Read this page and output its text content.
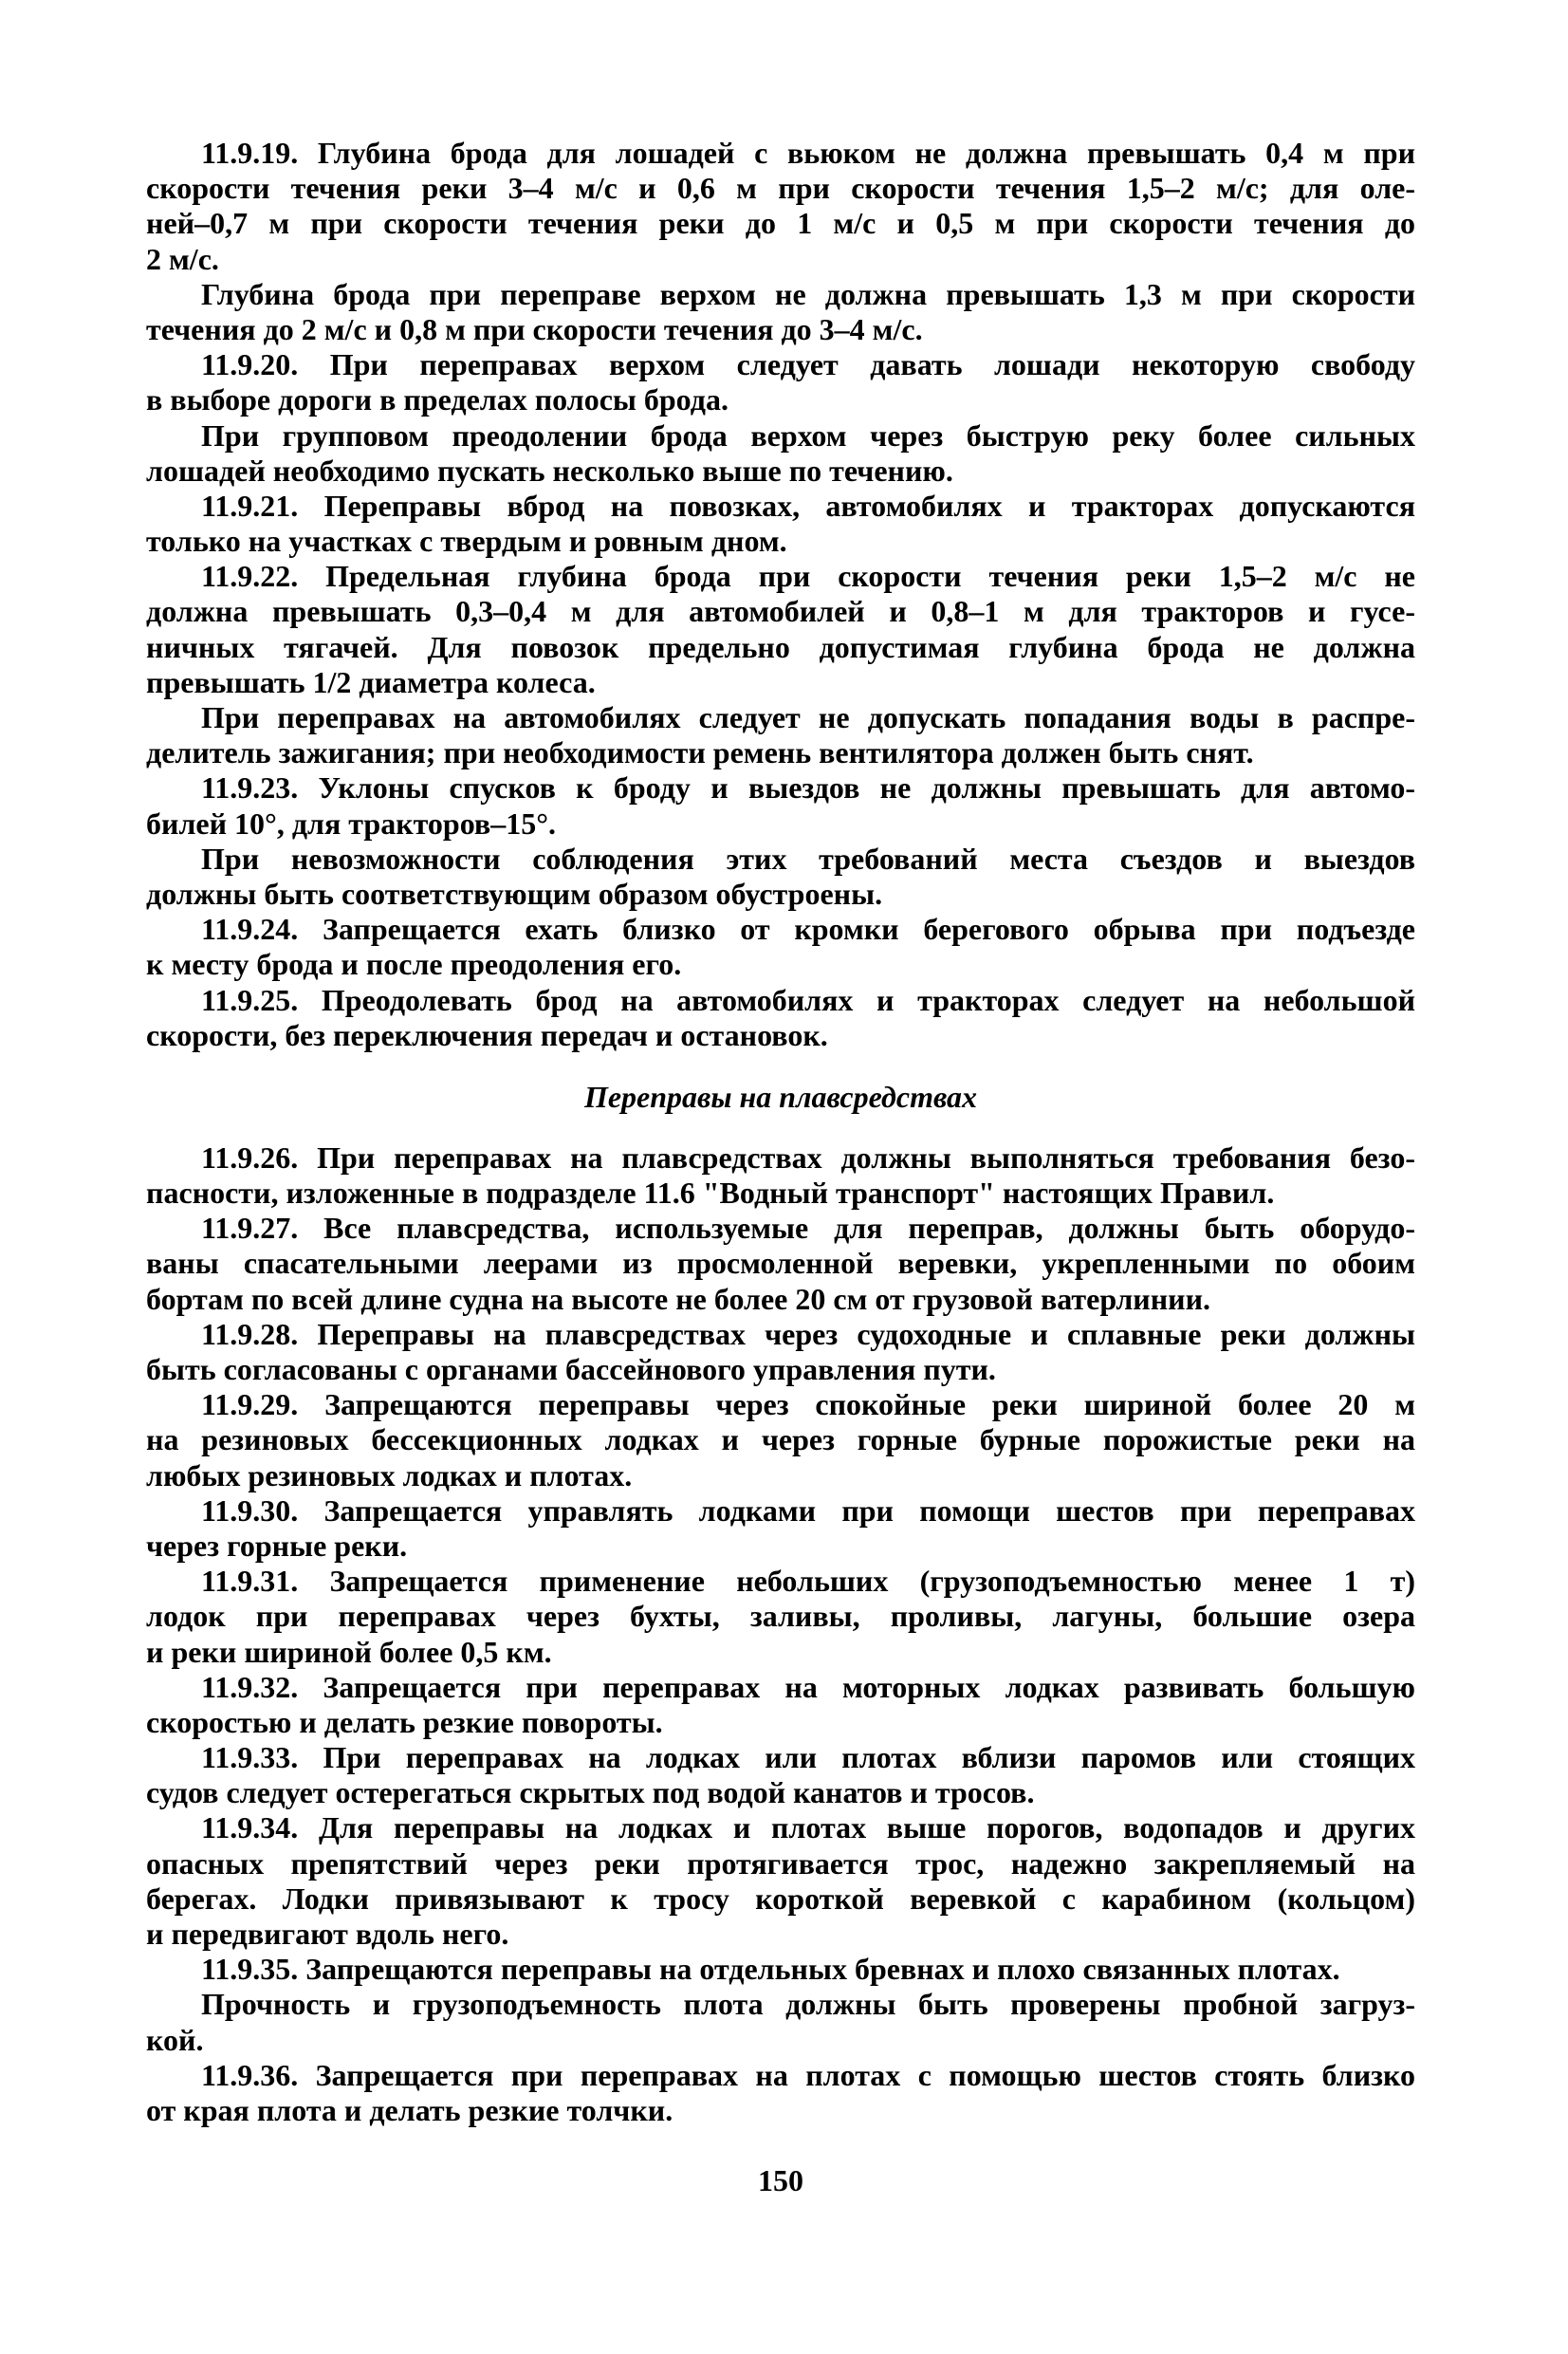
11.9.19. Глубина брода для лошадей с вьюком не должна превышать 0,4 м при
скорости течения реки 3–4 м/с и 0,6 м при скорости течения 1,5–2 м/с; для оле-
ней–0,7 м при скорости течения реки до 1 м/с и 0,5 м при скорости течения до
2 м/с.
Глубина брода при переправе верхом не должна превышать 1,3 м при скорости
течения до 2 м/с и 0,8 м при скорости течения до 3–4 м/с.
11.9.20. При переправах верхом следует давать лошади некоторую свободу
в выборе дороги в пределах полосы брода.
При групповом преодолении брода верхом через быструю реку более сильных
лошадей необходимо пускать несколько выше по течению.
11.9.21. Переправы вброд на повозках, автомобилях и тракторах допускаются
только на участках с твердым и ровным дном.
11.9.22. Предельная глубина брода при скорости течения реки 1,5–2 м/с не
должна превышать 0,3–0,4 м для автомобилей и 0,8–1 м для тракторов и гусе-
ничных тягачей. Для повозок предельно допустимая глубина брода не должна
превышать 1/2 диаметра колеса.
При переправах на автомобилях следует не допускать попадания воды в распре-
делитель зажигания; при необходимости ремень вентилятора должен быть снят.
11.9.23. Уклоны спусков к броду и выездов не должны превышать для автомо-
билей 10°, для тракторов–15°.
При невозможности соблюдения этих требований места съездов и выездов
должны быть соответствующим образом обустроены.
11.9.24. Запрещается ехать близко от кромки берегового обрыва при подъезде
к месту брода и после преодоления его.
11.9.25. Преодолевать брод на автомобилях и тракторах следует на небольшой
скорости, без переключения передач и остановок.
Переправы на плавсредствах
11.9.26. При переправах на плавсредствах должны выполняться требования безо-
пасности, изложенные в подразделе 11.6 "Водный транспорт" настоящих Правил.
11.9.27. Все плавсредства, используемые для переправ, должны быть оборудо-
ваны спасательными леерами из просмоленной веревки, укрепленными по обоим
бортам по всей длине судна на высоте не более 20 см от грузовой ватерлинии.
11.9.28. Переправы на плавсредствах через судоходные и сплавные реки должны
быть согласованы с органами бассейнового управления пути.
11.9.29. Запрещаются переправы через спокойные реки шириной более 20 м
на резиновых бессекционных лодках и через горные бурные порожистые реки на
любых резиновых лодках и плотах.
11.9.30. Запрещается управлять лодками при помощи шестов при переправах
через горные реки.
11.9.31. Запрещается применение небольших (грузоподъемностью менее 1 т)
лодок при переправах через бухты, заливы, проливы, лагуны, большие озера
и реки шириной более 0,5 км.
11.9.32. Запрещается при переправах на моторных лодках развивать большую
скоростью и делать резкие повороты.
11.9.33. При переправах на лодках или плотах вблизи паромов или стоящих
судов следует остерегаться скрытых под водой канатов и тросов.
11.9.34. Для переправы на лодках и плотах выше порогов, водопадов и других
опасных препятствий через реки протягивается трос, надежно закрепляемый на
берегах. Лодки привязывают к тросу короткой веревкой с карабином (кольцом)
и передвигают вдоль него.
11.9.35. Запрещаются переправы на отдельных бревнах и плохо связанных плотах.
Прочность и грузоподъемность плота должны быть проверены пробной загруз-
кой.
11.9.36. Запрещается при переправах на плотах с помощью шестов стоять близко
от края плота и делать резкие толчки.
150
